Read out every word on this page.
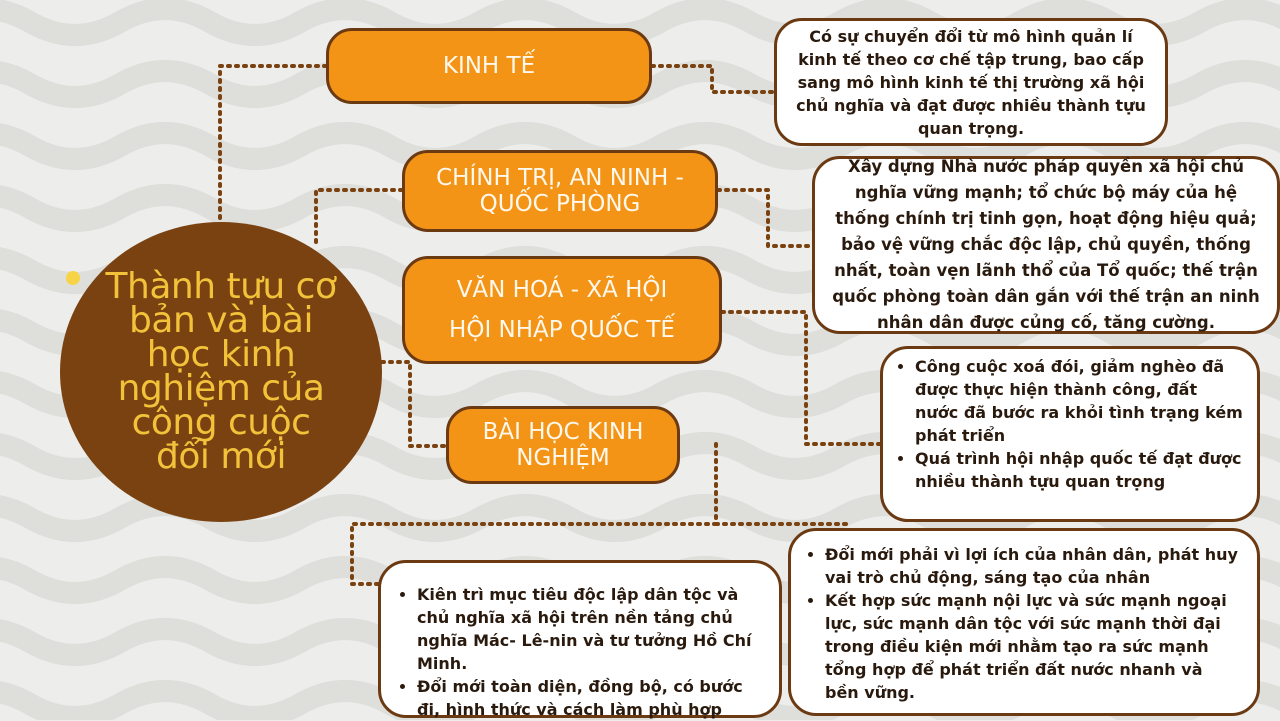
Thành tựu cơ bản và bài học kinh nghiệm của công cuộc đổi mới
KINH TẾ
CHÍNH TRỊ, AN NINH - QUỐC PHÒNG
VĂN HOÁ - XÃ HỘI HỘI NHẬP QUỐC TẾ
BÀI HỌC KINH NGHIỆM
Có sự chuyển đổi từ mô hình quản lí kinh tế theo cơ chế tập trung, bao cấp sang mô hình kinh tế thị trường xã hội chủ nghĩa và đạt được nhiều thành tựu quan trọng.
Xây dựng Nhà nước pháp quyền xã hội chủ nghĩa vững mạnh; tổ chức bộ máy của hệ thống chính trị tinh gọn, hoạt động hiệu quả; bảo vệ vững chắc độc lập, chủ quyền, thống nhất, toàn vẹn lãnh thổ của Tổ quốc; thế trận quốc phòng toàn dân gắn với thế trận an ninh nhân dân được củng cố, tăng cường.
• Công cuộc xoá đói, giảm nghèo đã được thực hiện thành công, đất nước đã bước ra khỏi tình trạng kém phát triển
• Quá trình hội nhập quốc tế đạt được nhiều thành tựu quan trọng
• Kiên trì mục tiêu độc lập dân tộc và chủ nghĩa xã hội trên nền tảng chủ nghĩa Mác- Lê-nin và tư tưởng Hồ Chí Minh.
• Đổi mới toàn diện, đồng bộ, có bước đi, hình thức và cách làm phù hợp
• Đổi mới phải vì lợi ích của nhân dân, phát huy vai trò chủ động, sáng tạo của nhân
• Kết hợp sức mạnh nội lực và sức mạnh ngoại lực, sức mạnh dân tộc với sức mạnh thời đại trong điều kiện mới nhằm tạo ra sức mạnh tổng hợp để phát triển đất nước nhanh và bền vững.
